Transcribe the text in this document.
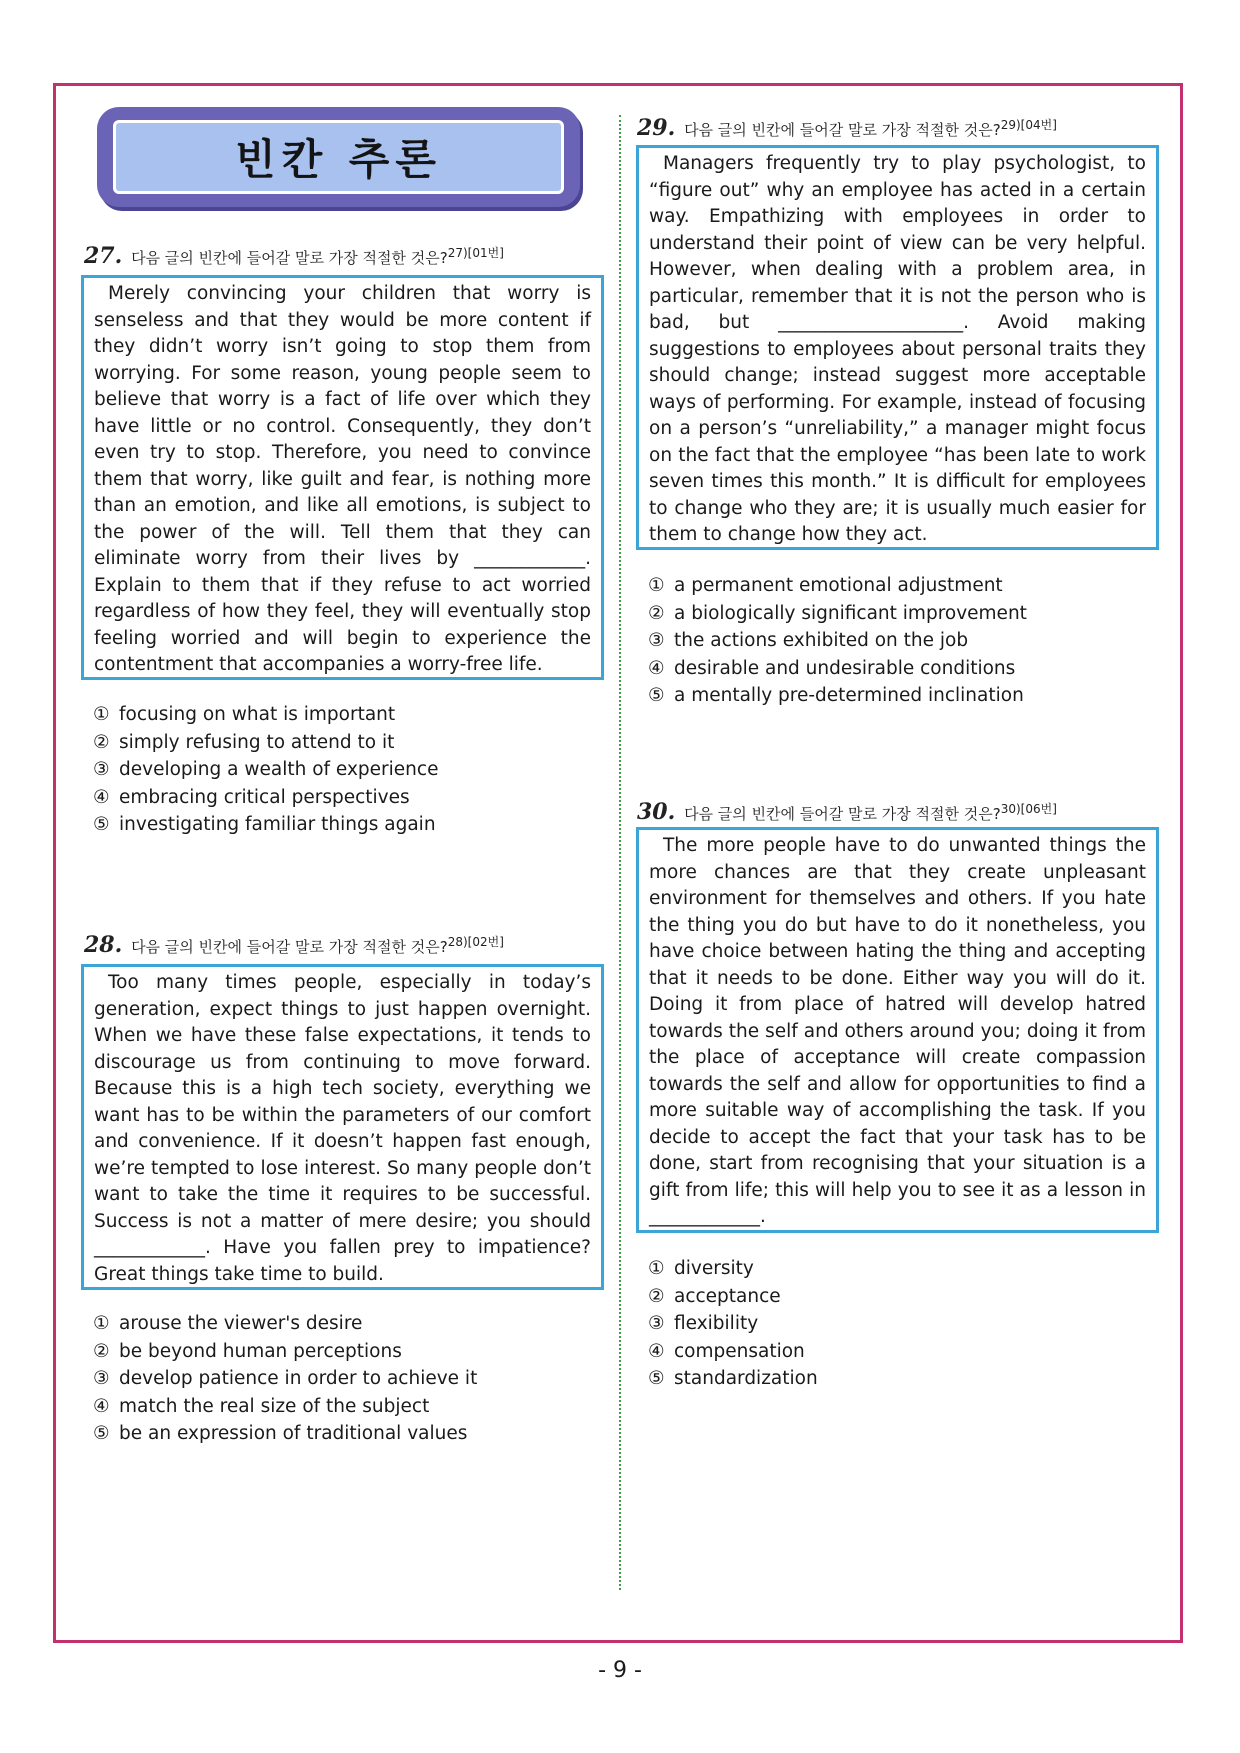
빈칸 추론
27. 다음 글의 빈칸에 들어갈 말로 가장 적절한 것은?$^{27)[01번]}$
Merely convincing your children that worry is senseless and that they would be more content if they didn’t worry isn’t going to stop them from worrying. For some reason, young people seem to believe that worry is a fact of life over which they have little or no control. Consequently, they don’t even try to stop. Therefore, you need to convince them that worry, like guilt and fear, is nothing more than an emotion, and like all emotions, is subject to the power of the will. Tell them that they can eliminate worry from their lives by ____________. Explain to them that if they refuse to act worried regardless of how they feel, they will eventually stop feeling worried and will begin to experience the contentment that accompanies a worry-free life.
① focusing on what is important
② simply refusing to attend to it
③ developing a wealth of experience
④ embracing critical perspectives
⑤ investigating familiar things again
28. 다음 글의 빈칸에 들어갈 말로 가장 적절한 것은?$^{28)[02번]}$
Too many times people, especially in today’s generation, expect things to just happen overnight. When we have these false expectations, it tends to discourage us from continuing to move forward. Because this is a high tech society, everything we want has to be within the parameters of our comfort and convenience. If it doesn’t happen fast enough, we’re tempted to lose interest. So many people don’t want to take the time it requires to be successful. Success is not a matter of mere desire; you should ____________. Have you fallen prey to impatience? Great things take time to build.
① arouse the viewer's desire
② be beyond human perceptions
③ develop patience in order to achieve it
④ match the real size of the subject
⑤ be an expression of traditional values
29. 다음 글의 빈칸에 들어갈 말로 가장 적절한 것은?$^{29)[04번]}$
Managers frequently try to play psychologist, to “figure out” why an employee has acted in a certain way. Empathizing with employees in order to understand their point of view can be very helpful. However, when dealing with a problem area, in particular, remember that it is not the person who is bad, but ____________________. Avoid making suggestions to employees about personal traits they should change; instead suggest more acceptable ways of performing. For example, instead of focusing on a person’s “unreliability,” a manager might focus on the fact that the employee “has been late to work seven times this month.” It is difficult for employees to change who they are; it is usually much easier for them to change how they act.
① a permanent emotional adjustment
② a biologically significant improvement
③ the actions exhibited on the job
④ desirable and undesirable conditions
⑤ a mentally pre-determined inclination
30. 다음 글의 빈칸에 들어갈 말로 가장 적절한 것은?$^{30)[06번]}$
The more people have to do unwanted things the more chances are that they create unpleasant environment for themselves and others. If you hate the thing you do but have to do it nonetheless, you have choice between hating the thing and accepting that it needs to be done. Either way you will do it. Doing it from place of hatred will develop hatred towards the self and others around you; doing it from the place of acceptance will create compassion towards the self and allow for opportunities to find a more suitable way of accomplishing the task. If you decide to accept the fact that your task has to be done, start from recognising that your situation is a gift from life; this will help you to see it as a lesson in ____________.
① diversity
② acceptance
③ flexibility
④ compensation
⑤ standardization
- 9 -
